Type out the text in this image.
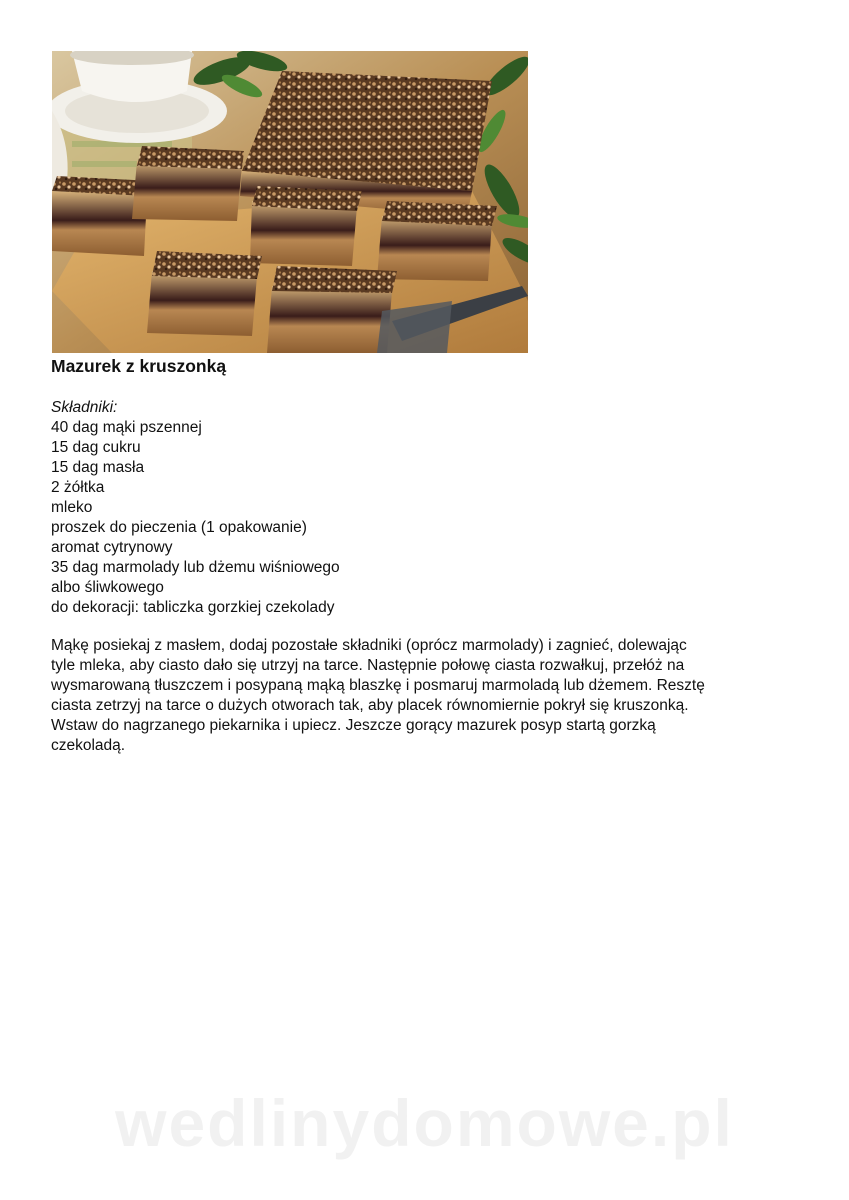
Mazurek z kruszonką
Składniki:
40 dag mąki pszennej
15 dag cukru
15 dag masła
2 żółtka
mleko
proszek do pieczenia (1 opakowanie)
aromat cytrynowy
35 dag marmolady lub dżemu wiśniowego
albo śliwkowego
do dekoracji: tabliczka gorzkiej czekolady

Mąkę posiekaj z masłem, dodaj pozostałe składniki (oprócz marmolady) i zagnieć, dolewając
tyle mleka, aby ciasto dało się utrzyj na tarce. Następnie połowę ciasta rozwałkuj, przełóż na
wysmarowaną tłuszczem i posypaną mąką blaszkę i posmaruj marmoladą lub dżemem. Resztę
ciasta zetrzyj na tarce o dużych otworach tak, aby placek równomiernie pokrył się kruszonką.
Wstaw do nagrzanego piekarnika i upiecz. Jeszcze gorący mazurek posyp startą gorzką
czekoladą.

wedlinydomowe.pl
